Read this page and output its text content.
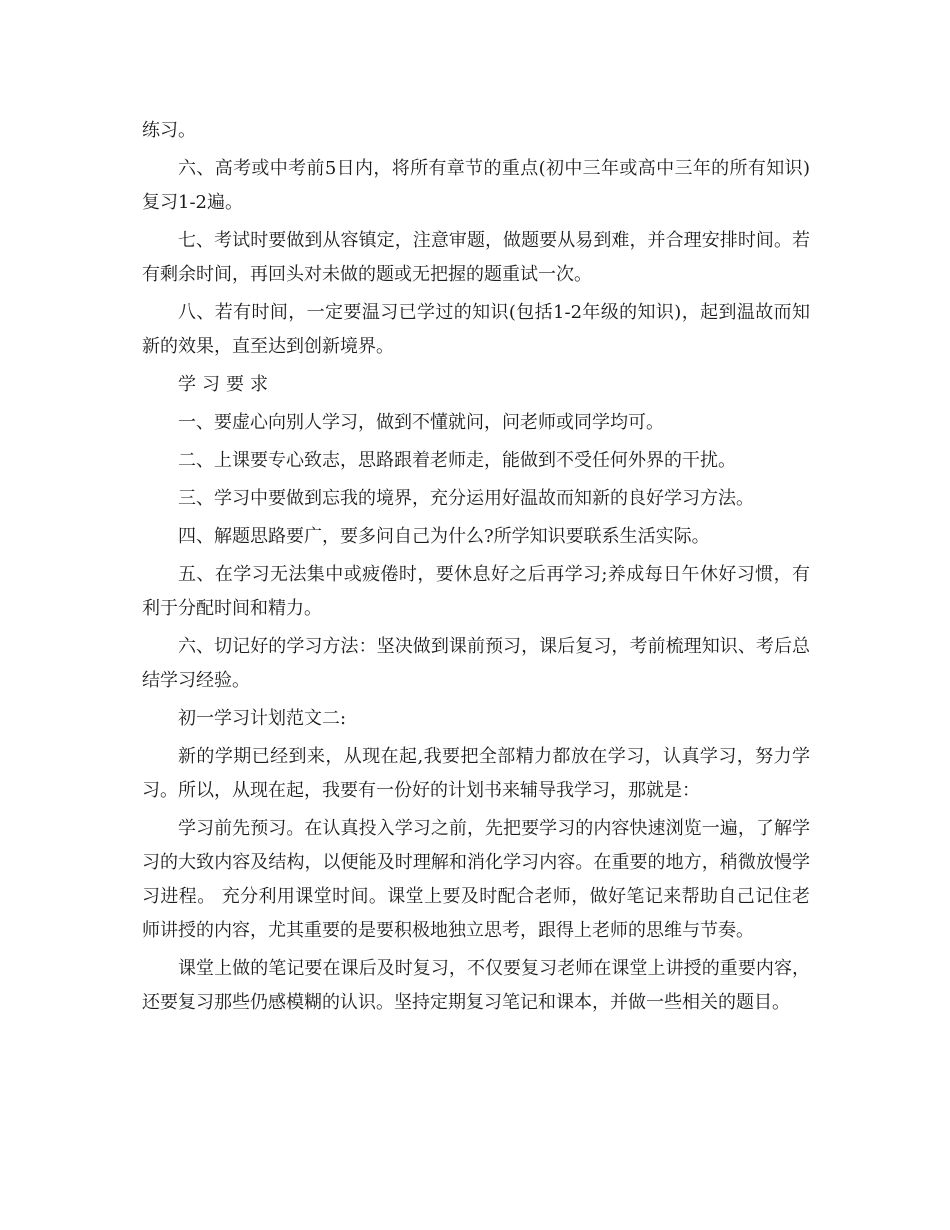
练习。

六、高考或中考前5日内，将所有章节的重点(初中三年或高中三年的所有知识)复习1-2遍。

七、考试时要做到从容镇定，注意审题，做题要从易到难，并合理安排时间。若有剩余时间，再回头对未做的题或无把握的题重试一次。

八、若有时间，一定要温习已学过的知识(包括1-2年级的知识)，起到温故而知新的效果，直至达到创新境界。

学习要求

一、要虚心向别人学习，做到不懂就问，问老师或同学均可。

二、上课要专心致志，思路跟着老师走，能做到不受任何外界的干扰。

三、学习中要做到忘我的境界，充分运用好温故而知新的良好学习方法。

四、解题思路要广，要多问自己为什么?所学知识要联系生活实际。

五、在学习无法集中或疲倦时，要休息好之后再学习;养成每日午休好习惯，有利于分配时间和精力。

六、切记好的学习方法：坚决做到课前预习，课后复习，考前梳理知识、考后总结学习经验。

初一学习计划范文二:

新的学期已经到来，从现在起,我要把全部精力都放在学习，认真学习，努力学习。所以，从现在起，我要有一份好的计划书来辅导我学习，那就是：

学习前先预习。在认真投入学习之前，先把要学习的内容快速浏览一遍，了解学习的大致内容及结构，以便能及时理解和消化学习内容。在重要的地方，稍微放慢学习进程。 充分利用课堂时间。课堂上要及时配合老师，做好笔记来帮助自己记住老师讲授的内容，尤其重要的是要积极地独立思考，跟得上老师的思维与节奏。

课堂上做的笔记要在课后及时复习，不仅要复习老师在课堂上讲授的重要内容，还要复习那些仍感模糊的认识。坚持定期复习笔记和课本，并做一些相关的题目。
